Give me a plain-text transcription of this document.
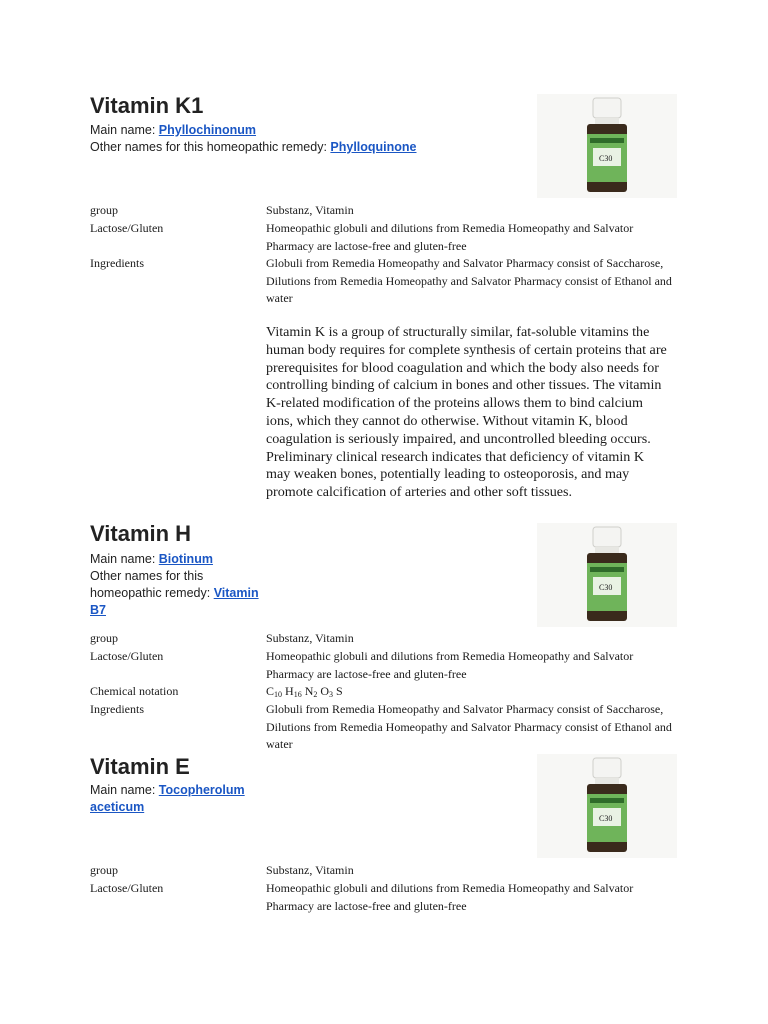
Vitamin K1
Main name: Phyllochinonum
Other names for this homeopathic remedy: Phylloquinone
C30
group	Substanz, Vitamin
Lactose/Gluten	Homeopathic globuli and dilutions from Remedia Homeopathy and Salvator Pharmacy are lactose-free and gluten-free
Ingredients	Globuli from Remedia Homeopathy and Salvator Pharmacy consist of Saccharose, Dilutions from Remedia Homeopathy and Salvator Pharmacy consist of Ethanol and water
Vitamin K is a group of structurally similar, fat-soluble vitamins the human body requires for complete synthesis of certain proteins that are prerequisites for blood coagulation and which the body also needs for controlling binding of calcium in bones and other tissues. The vitamin K-related modification of the proteins allows them to bind calcium ions, which they cannot do otherwise. Without vitamin K, blood coagulation is seriously impaired, and uncontrolled bleeding occurs. Preliminary clinical research indicates that deficiency of vitamin K may weaken bones, potentially leading to osteoporosis, and may promote calcification of arteries and other soft tissues.
Vitamin H
Main name: Biotinum
Other names for this homeopathic remedy: Vitamin B7
C30
group	Substanz, Vitamin
Lactose/Gluten	Homeopathic globuli and dilutions from Remedia Homeopathy and Salvator Pharmacy are lactose-free and gluten-free
Chemical notation	$C_{10}$ $H_{16}$ $N_2$ $O_3$ S
Ingredients	Globuli from Remedia Homeopathy and Salvator Pharmacy consist of Saccharose, Dilutions from Remedia Homeopathy and Salvator Pharmacy consist of Ethanol and water
Vitamin E
Main name: Tocopherolum aceticum
C30
group	Substanz, Vitamin
Lactose/Gluten	Homeopathic globuli and dilutions from Remedia Homeopathy and Salvator Pharmacy are lactose-free and gluten-free
